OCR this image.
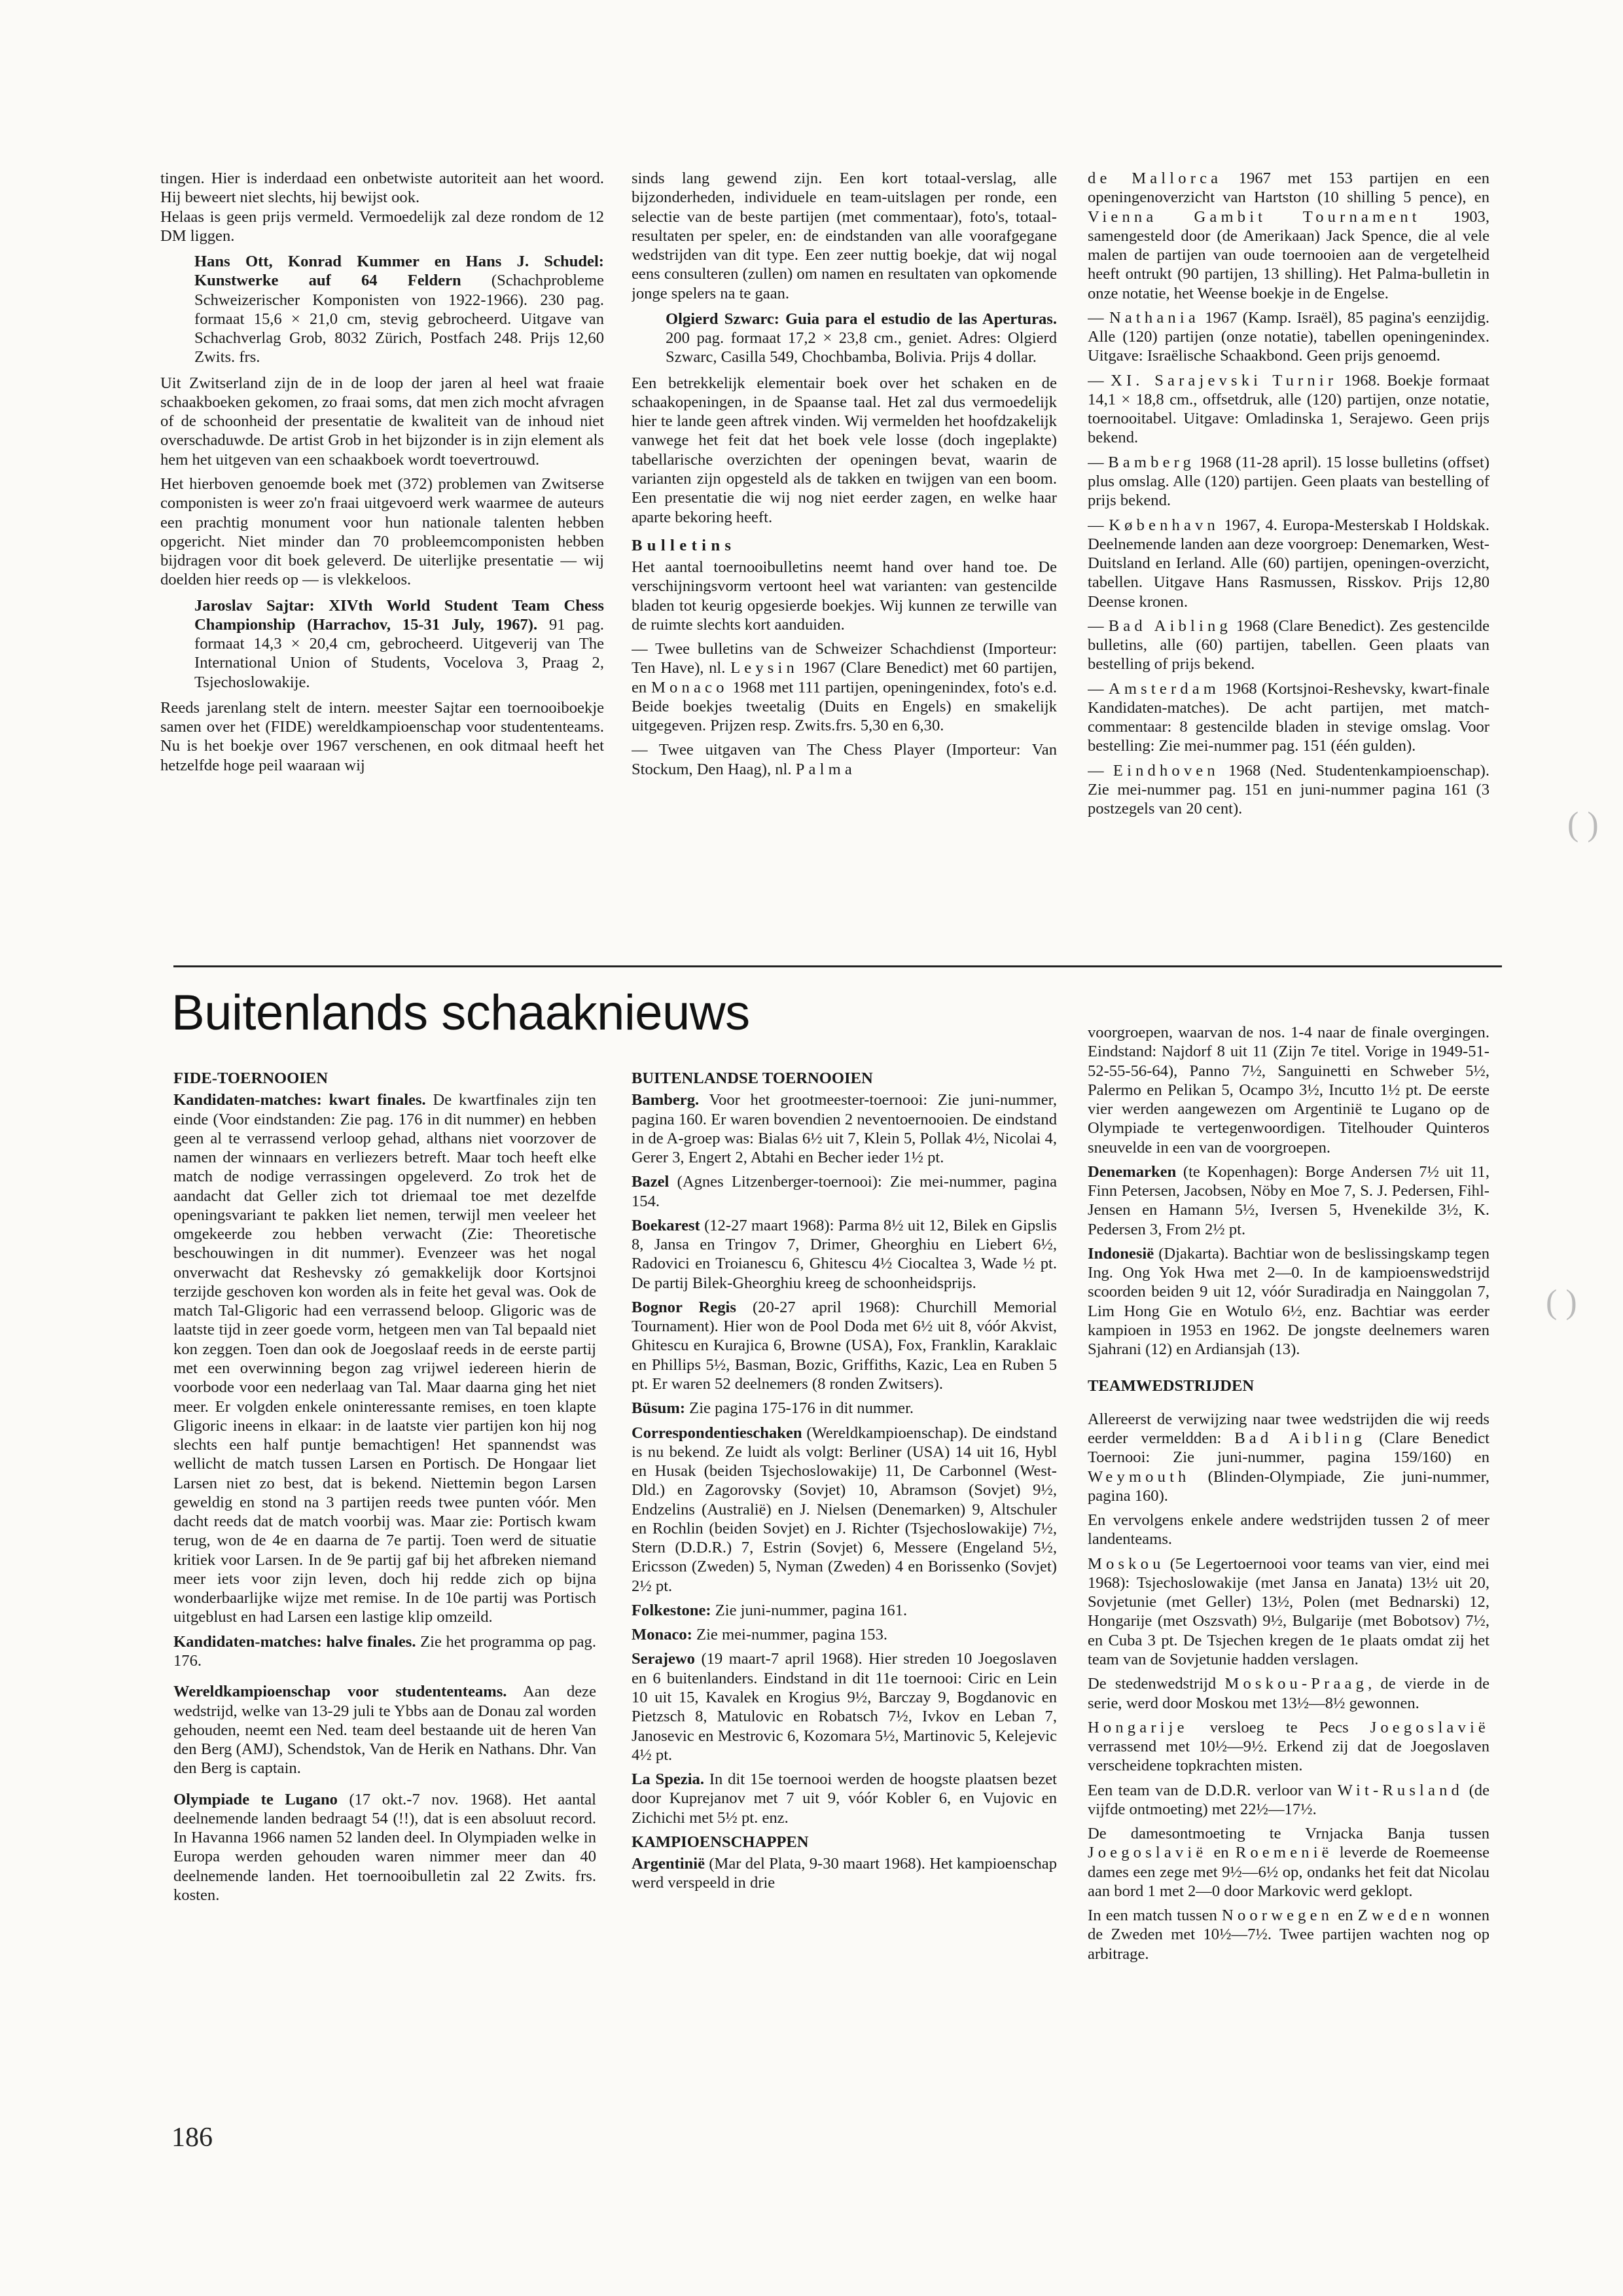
tingen. Hier is inderdaad een onbetwiste autoriteit aan het woord. Hij beweert niet slechts, hij bewijst ook.

Helaas is geen prijs vermeld. Vermoedelijk zal deze rondom de 12 DM liggen.

Hans Ott, Konrad Kummer en Hans J. Schudel: Kunstwerke auf 64 Feldern (Schachprobleme Schweizerischer Komponisten von 1922-1966). 230 pag. formaat 15,6 × 21,0 cm, stevig gebrocheerd. Uitgave van Schachverlag Grob, 8032 Zürich, Postfach 248. Prijs 12,60 Zwits. frs.

Uit Zwitserland zijn de in de loop der jaren al heel wat fraaie schaakboeken gekomen, zo fraai soms, dat men zich mocht afvragen of de schoonheid der presentatie de kwaliteit van de inhoud niet overschaduwde. De artist Grob in het bijzonder is in zijn element als hem het uitgeven van een schaakboek wordt toevertrouwd.

Het hierboven genoemde boek met (372) problemen van Zwitserse componisten is weer zo'n fraai uitgevoerd werk waarmee de auteurs een prachtig monument voor hun nationale talenten hebben opgericht. Niet minder dan 70 probleemcomponisten hebben bijdragen voor dit boek geleverd. De uiterlijke presentatie — wij doelden hier reeds op — is vlekkeloos.

Jaroslav Sajtar: XIVth World Student Team Chess Championship (Harrachov, 15-31 July, 1967). 91 pag. formaat 14,3 × 20,4 cm, gebrocheerd. Uitgeverij van The International Union of Students, Vocelova 3, Praag 2, Tsjechoslowakije.

Reeds jarenlang stelt de intern. meester Sajtar een toernooiboekje samen over het (FIDE) wereldkampioenschap voor studententeams. Nu is het boekje over 1967 verschenen, en ook ditmaal heeft het hetzelfde hoge peil waaraan wij

sinds lang gewend zijn. Een kort totaal-verslag, alle bijzonderheden, individuele en team-uitslagen per ronde, een selectie van de beste partijen (met commentaar), foto's, totaal-resultaten per speler, en: de eindstanden van alle voorafgegane wedstrijden van dit type. Een zeer nuttig boekje, dat wij nogal eens consulteren (zullen) om namen en resultaten van opkomende jonge spelers na te gaan.

Olgierd Szwarc: Guia para el estudio de las Aperturas. 200 pag. formaat 17,2 × 23,8 cm., geniet. Adres: Olgierd Szwarc, Casilla 549, Chochbamba, Bolivia. Prijs 4 dollar.

Een betrekkelijk elementair boek over het schaken en de schaakopeningen, in de Spaanse taal. Het zal dus vermoedelijk hier te lande geen aftrek vinden. Wij vermelden het hoofdzakelijk vanwege het feit dat het boek vele losse (doch ingeplakte) tabellarische overzichten der openingen bevat, waarin de varianten zijn opgesteld als de takken en twijgen van een boom. Een presentatie die wij nog niet eerder zagen, en welke haar aparte bekoring heeft.

Bulletins

Het aantal toernooibulletins neemt hand over hand toe. De verschijningsvorm vertoont heel wat varianten: van gestencilde bladen tot keurig opgesierde boekjes. Wij kunnen ze terwille van de ruimte slechts kort aanduiden.

— Twee bulletins van de Schweizer Schachdienst (Importeur: Ten Have), nl. Leysin 1967 (Clare Benedict) met 60 partijen, en Monaco 1968 met 111 partijen, openingenindex, foto's e.d. Beide boekjes tweetalig (Duits en Engels) en smakelijk uitgegeven. Prijzen resp. Zwits.frs. 5,30 en 6,30.

— Twee uitgaven van The Chess Player (Importeur: Van Stockum, Den Haag), nl. Palma

de Mallorca 1967 met 153 partijen en een openingenoverzicht van Hartston (10 shilling 5 pence), en Vienna Gambit Tournament 1903, samengesteld door (de Amerikaan) Jack Spence, die al vele malen de partijen van oude toernooien aan de vergetelheid heeft ontrukt (90 partijen, 13 shilling). Het Palma-bulletin in onze notatie, het Weense boekje in de Engelse.

— Nathania 1967 (Kamp. Israël), 85 pagina's eenzijdig. Alle (120) partijen (onze notatie), tabellen openingenindex. Uitgave: Israëlische Schaakbond. Geen prijs genoemd.

— XI. Sarajevski Turnir 1968. Boekje formaat 14,1 × 18,8 cm., offsetdruk, alle (120) partijen, onze notatie, toernooitabel. Uitgave: Omladinska 1, Serajewo. Geen prijs bekend.

— Bamberg 1968 (11-28 april). 15 losse bulletins (offset) plus omslag. Alle (120) partijen. Geen plaats van bestelling of prijs bekend.

— København 1967, 4. Europa-Mesterskab I Holdskak. Deelnemende landen aan deze voorgroep: Denemarken, West-Duitsland en Ierland. Alle (60) partijen, openingen-overzicht, tabellen. Uitgave Hans Rasmussen, Risskov. Prijs 12,80 Deense kronen.

— Bad Aibling 1968 (Clare Benedict). Zes gestencilde bulletins, alle (60) partijen, tabellen. Geen plaats van bestelling of prijs bekend.

— Amsterdam 1968 (Kortsjnoi-Reshevsky, kwart-finale Kandidaten-matches). De acht partijen, met match-commentaar: 8 gestencilde bladen in stevige omslag. Voor bestelling: Zie mei-nummer pag. 151 (één gulden).

— Eindhoven 1968 (Ned. Studentenkampioenschap). Zie mei-nummer pag. 151 en juni-nummer pagina 161 (3 postzegels van 20 cent).

Buitenlands schaaknieuws
FIDE-TOERNOOIEN

Kandidaten-matches: kwart finales. De kwartfinales zijn ten einde (Voor eindstanden: Zie pag. 176 in dit nummer) en hebben geen al te verrassend verloop gehad, althans niet voorzover de namen der winnaars en verliezers betreft. Maar toch heeft elke match de nodige verrassingen opgeleverd. Zo trok het de aandacht dat Geller zich tot driemaal toe met dezelfde openingsvariant te pakken liet nemen, terwijl men veeleer het omgekeerde zou hebben verwacht (Zie: Theoretische beschouwingen in dit nummer). Evenzeer was het nogal onverwacht dat Reshevsky zó gemakkelijk door Kortsjnoi terzijde geschoven kon worden als in feite het geval was. Ook de match Tal-Gligoric had een verrassend beloop. Gligoric was de laatste tijd in zeer goede vorm, hetgeen men van Tal bepaald niet kon zeggen. Toen dan ook de Joegoslaaf reeds in de eerste partij met een overwinning begon zag vrijwel iedereen hierin de voorbode voor een nederlaag van Tal. Maar daarna ging het niet meer. Er volgden enkele oninteressante remises, en toen klapte Gligoric ineens in elkaar: in de laatste vier partijen kon hij nog slechts een half puntje bemachtigen! Het spannendst was wellicht de match tussen Larsen en Portisch. De Hongaar liet Larsen niet zo best, dat is bekend. Niettemin begon Larsen geweldig en stond na 3 partijen reeds twee punten vóór. Men dacht reeds dat de match voorbij was. Maar zie: Portisch kwam terug, won de 4e en daarna de 7e partij. Toen werd de situatie kritiek voor Larsen. In de 9e partij gaf bij het afbreken niemand meer iets voor zijn leven, doch hij redde zich op bijna wonderbaarlijke wijze met remise. In de 10e partij was Portisch uitgeblust en had Larsen een lastige klip omzeild.

Kandidaten-matches: halve finales. Zie het programma op pag. 176.

Wereldkampioenschap voor studententeams. Aan deze wedstrijd, welke van 13-29 juli te Ybbs aan de Donau zal worden gehouden, neemt een Ned. team deel bestaande uit de heren Van den Berg (AMJ), Schendstok, Van de Herik en Nathans. Dhr. Van den Berg is captain.

Olympiade te Lugano (17 okt.-7 nov. 1968). Het aantal deelnemende landen bedraagt 54 (!!), dat is een absoluut record. In Havanna 1966 namen 52 landen deel. In Olympiaden welke in Europa werden gehouden waren nimmer meer dan 40 deelnemende landen. Het toernooibulletin zal 22 Zwits. frs. kosten.

BUITENLANDSE TOERNOOIEN

Bamberg. Voor het grootmeester-toernooi: Zie juni-nummer, pagina 160. Er waren bovendien 2 neventoernooien. De eindstand in de A-groep was: Bialas 6½ uit 7, Klein 5, Pollak 4½, Nicolai 4, Gerer 3, Engert 2, Abtahi en Becher ieder 1½ pt.

Bazel (Agnes Litzenberger-toernooi): Zie mei-nummer, pagina 154.

Boekarest (12-27 maart 1968): Parma 8½ uit 12, Bilek en Gipslis 8, Jansa en Tringov 7, Drimer, Gheorghiu en Liebert 6½, Radovici en Troianescu 6, Ghitescu 4½ Ciocaltea 3, Wade ½ pt. De partij Bilek-Gheorghiu kreeg de schoonheidsprijs.

Bognor Regis (20-27 april 1968): Churchill Memorial Tournament). Hier won de Pool Doda met 6½ uit 8, vóór Akvist, Ghitescu en Kurajica 6, Browne (USA), Fox, Franklin, Karaklaic en Phillips 5½, Basman, Bozic, Griffiths, Kazic, Lea en Ruben 5 pt. Er waren 52 deelnemers (8 ronden Zwitsers).

Büsum: Zie pagina 175-176 in dit nummer.

Correspondentieschaken (Wereldkampioenschap). De eindstand is nu bekend. Ze luidt als volgt: Berliner (USA) 14 uit 16, Hybl en Husak (beiden Tsjechoslowakije) 11, De Carbonnel (West-Dld.) en Zagorovsky (Sovjet) 10, Abramson (Sovjet) 9½, Endzelins (Australië) en J. Nielsen (Denemarken) 9, Altschuler en Rochlin (beiden Sovjet) en J. Richter (Tsjechoslowakije) 7½, Stern (D.D.R.) 7, Estrin (Sovjet) 6, Messere (Engeland 5½, Ericsson (Zweden) 5, Nyman (Zweden) 4 en Borissenko (Sovjet) 2½ pt.

Folkestone: Zie juni-nummer, pagina 161.

Monaco: Zie mei-nummer, pagina 153.

Serajewo (19 maart-7 april 1968). Hier streden 10 Joegoslaven en 6 buitenlanders. Eindstand in dit 11e toernooi: Ciric en Lein 10 uit 15, Kavalek en Krogius 9½, Barczay 9, Bogdanovic en Pietzsch 8, Matulovic en Robatsch 7½, Ivkov en Leban 7, Janosevic en Mestrovic 6, Kozomara 5½, Martinovic 5, Kelejevic 4½ pt.

La Spezia. In dit 15e toernooi werden de hoogste plaatsen bezet door Kuprejanov met 7 uit 9, vóór Kobler 6, en Vujovic en Zichichi met 5½ pt. enz.

KAMPIOENSCHAPPEN

Argentinië (Mar del Plata, 9-30 maart 1968). Het kampioenschap werd verspeeld in drie

voorgroepen, waarvan de nos. 1-4 naar de finale overgingen. Eindstand: Najdorf 8 uit 11 (Zijn 7e titel. Vorige in 1949-51-52-55-56-64), Panno 7½, Sanguinetti en Schweber 5½, Palermo en Pelikan 5, Ocampo 3½, Incutto 1½ pt. De eerste vier werden aangewezen om Argentinië te Lugano op de Olympiade te vertegenwoordigen. Titelhouder Quinteros sneuvelde in een van de voorgroepen.

Denemarken (te Kopenhagen): Borge Andersen 7½ uit 11, Finn Petersen, Jacobsen, Nöby en Moe 7, S. J. Pedersen, Fihl-Jensen en Hamann 5½, Iversen 5, Hvenekilde 3½, K. Pedersen 3, From 2½ pt.

Indonesië (Djakarta). Bachtiar won de beslissingskamp tegen Ing. Ong Yok Hwa met 2—0. In de kampioenswedstrijd scoorden beiden 9 uit 12, vóór Suradiradja en Nainggolan 7, Lim Hong Gie en Wotulo 6½, enz. Bachtiar was eerder kampioen in 1953 en 1962. De jongste deelnemers waren Sjahrani (12) en Ardiansjah (13).

TEAMWEDSTRIJDEN

Allereerst de verwijzing naar twee wedstrijden die wij reeds eerder vermeldden: Bad Aibling (Clare Benedict Toernooi: Zie juni-nummer, pagina 159/160) en Weymouth (Blinden-Olympiade, Zie juni-nummer, pagina 160).

En vervolgens enkele andere wedstrijden tussen 2 of meer landenteams.

Moskou (5e Legertoernooi voor teams van vier, eind mei 1968): Tsjechoslowakije (met Jansa en Janata) 13½ uit 20, Sovjetunie (met Geller) 13½, Polen (met Bednarski) 12, Hongarije (met Oszsvath) 9½, Bulgarije (met Bobotsov) 7½, en Cuba 3 pt. De Tsjechen kregen de 1e plaats omdat zij het team van de Sovjetunie hadden verslagen.

De stedenwedstrijd Moskou-Praag, de vierde in de serie, werd door Moskou met 13½—8½ gewonnen.

Hongarije versloeg te Pecs Joegoslavië verrassend met 10½—9½. Erkend zij dat de Joegoslaven verscheidene topkrachten misten.

Een team van de D.D.R. verloor van Wit-Rusland (de vijfde ontmoeting) met 22½—17½.

De damesontmoeting te Vrnjacka Banja tussen Joegoslavië en Roemenië leverde de Roemeense dames een zege met 9½—6½ op, ondanks het feit dat Nicolau aan bord 1 met 2—0 door Markovic werd geklopt.

In een match tussen Noorwegen en Zweden wonnen de Zweden met 10½—7½. Twee partijen wachten nog op arbitrage.

186
( )
( )
